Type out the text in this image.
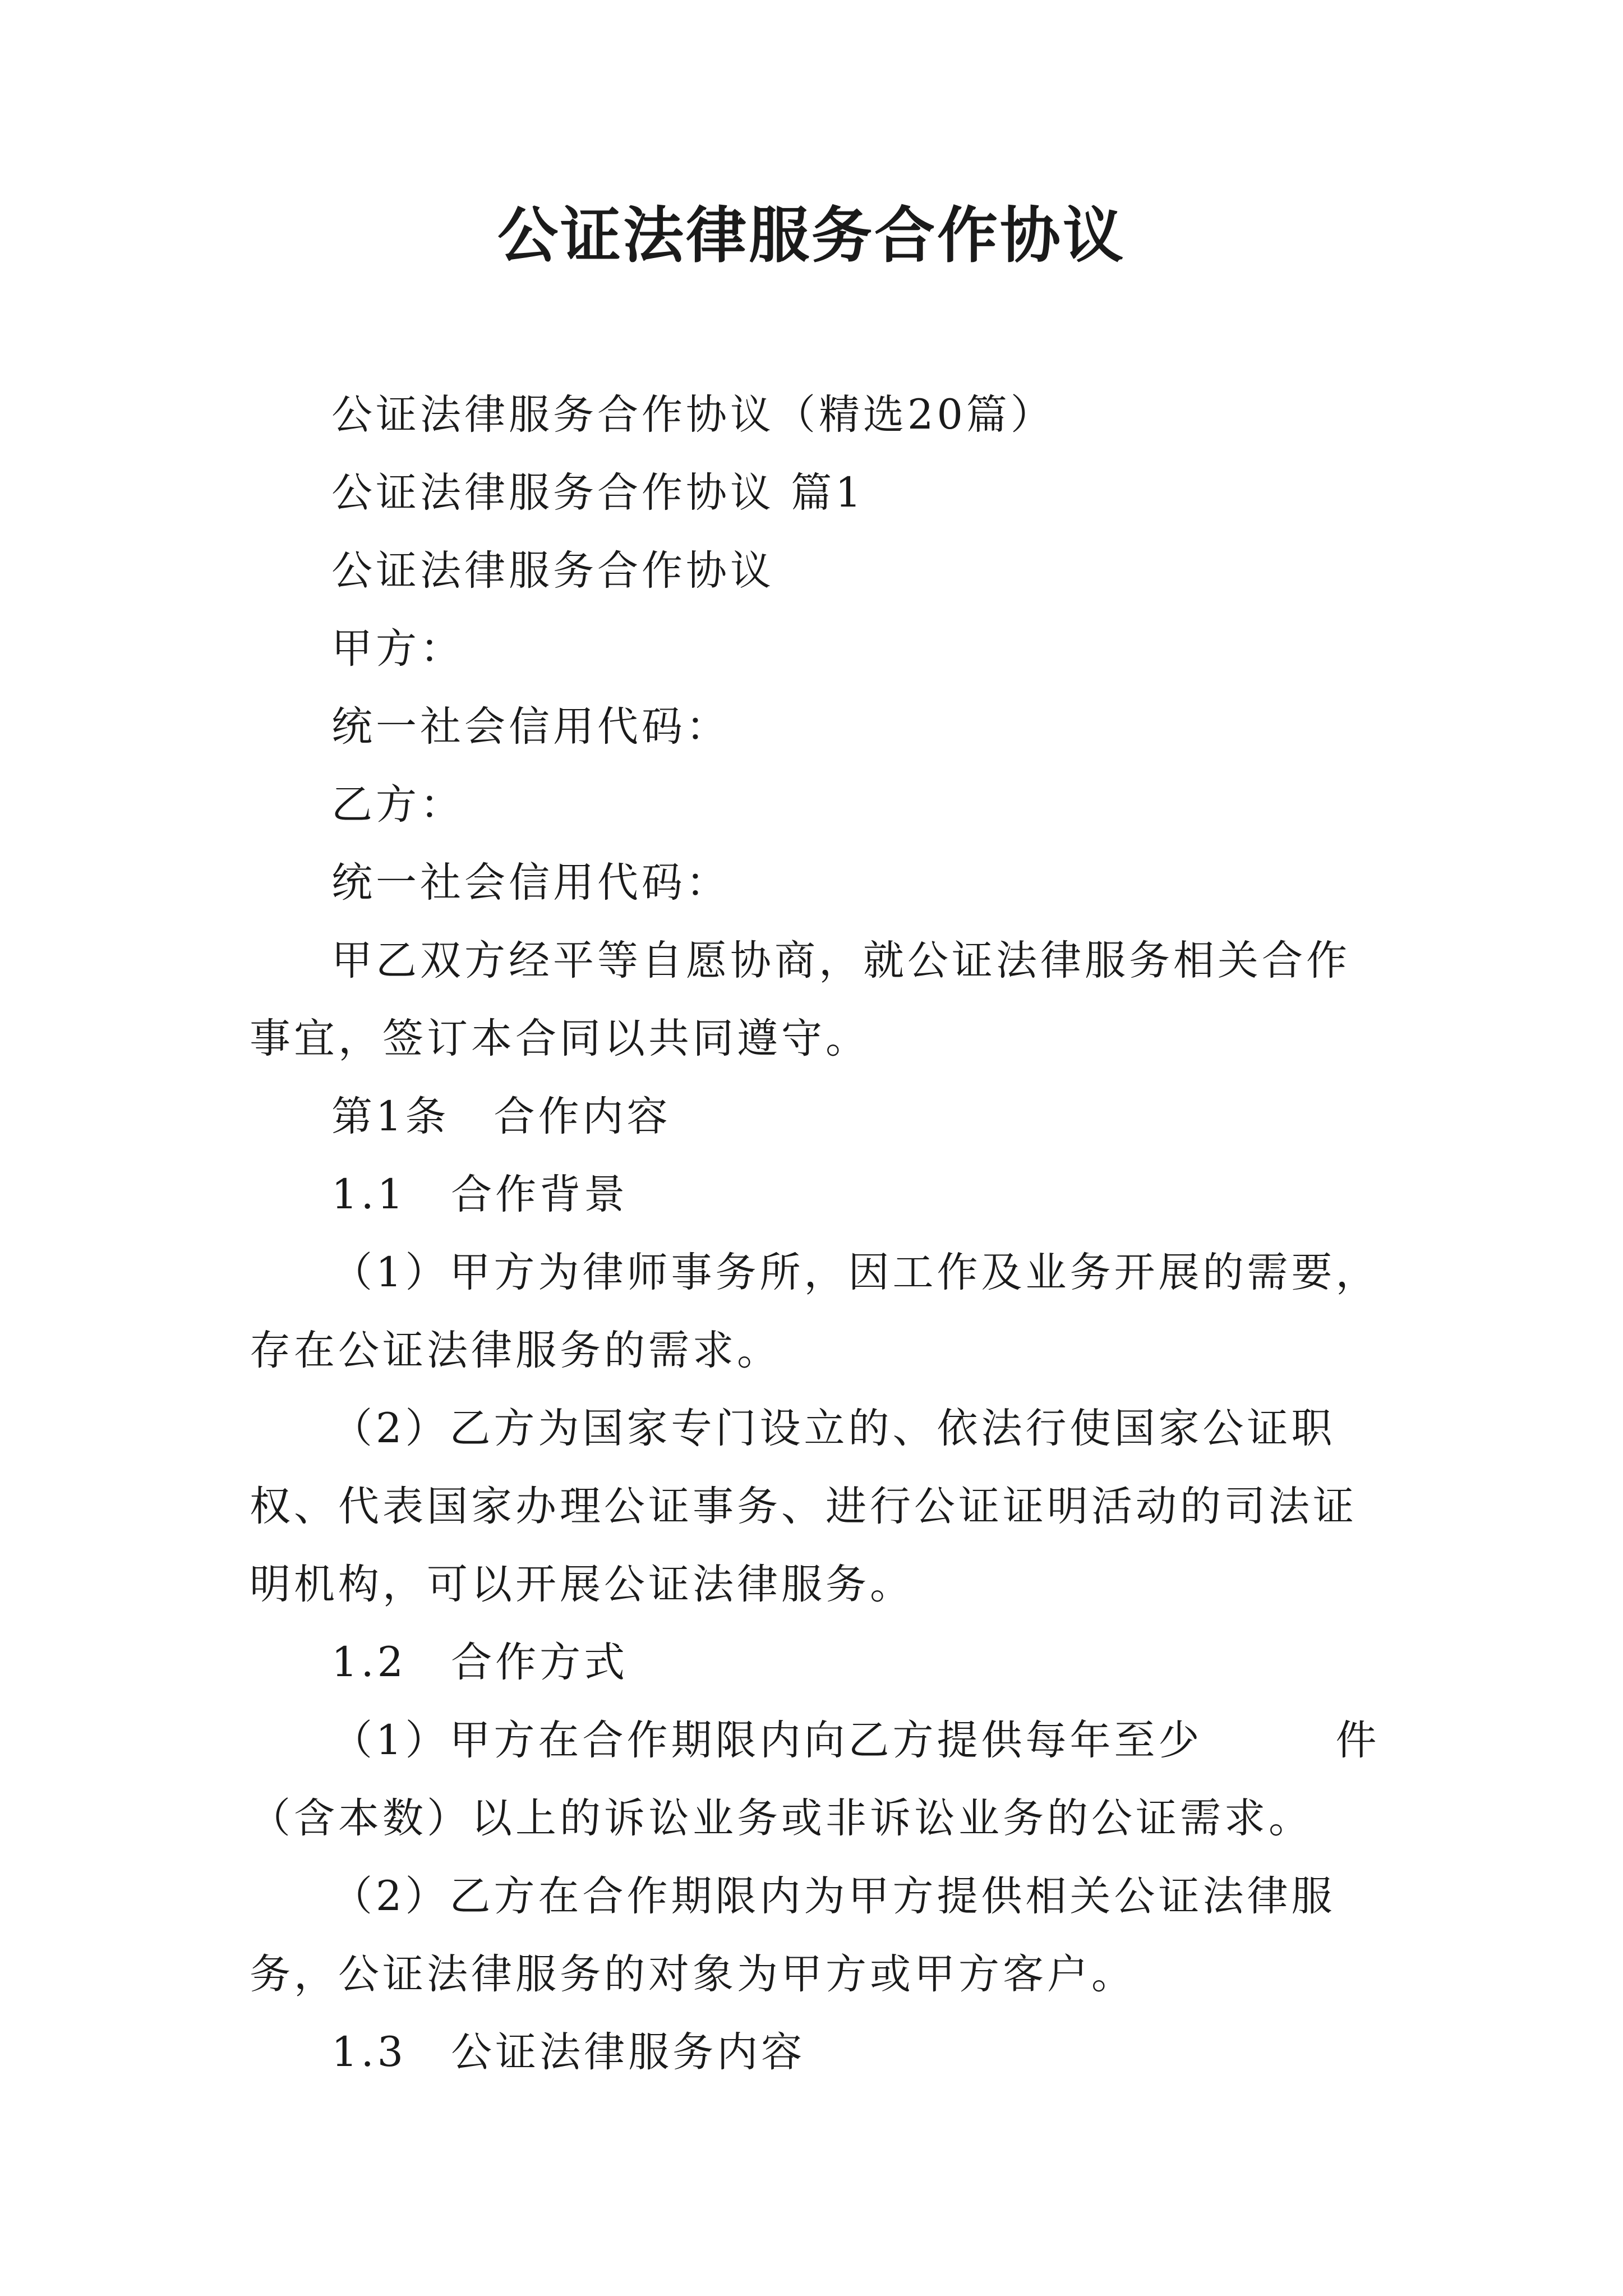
公证法律服务合作协议

公证法律服务合作协议（精选20篇）

公证法律服务合作协议 篇1

公证法律服务合作协议

甲方：

统一社会信用代码：

乙方：

统一社会信用代码：

甲乙双方经平等自愿协商，就公证法律服务相关合作事宜，签订本合同以共同遵守。

第1条　合作内容

1.1　合作背景

（1）甲方为律师事务所，因工作及业务开展的需要，存在公证法律服务的需求。

（2）乙方为国家专门设立的、依法行使国家公证职权、代表国家办理公证事务、进行公证证明活动的司法证明机构，可以开展公证法律服务。

1.2　合作方式

（1）甲方在合作期限内向乙方提供每年至少　　　件（含本数）以上的诉讼业务或非诉讼业务的公证需求。

（2）乙方在合作期限内为甲方提供相关公证法律服务，公证法律服务的对象为甲方或甲方客户。

1.3　公证法律服务内容
